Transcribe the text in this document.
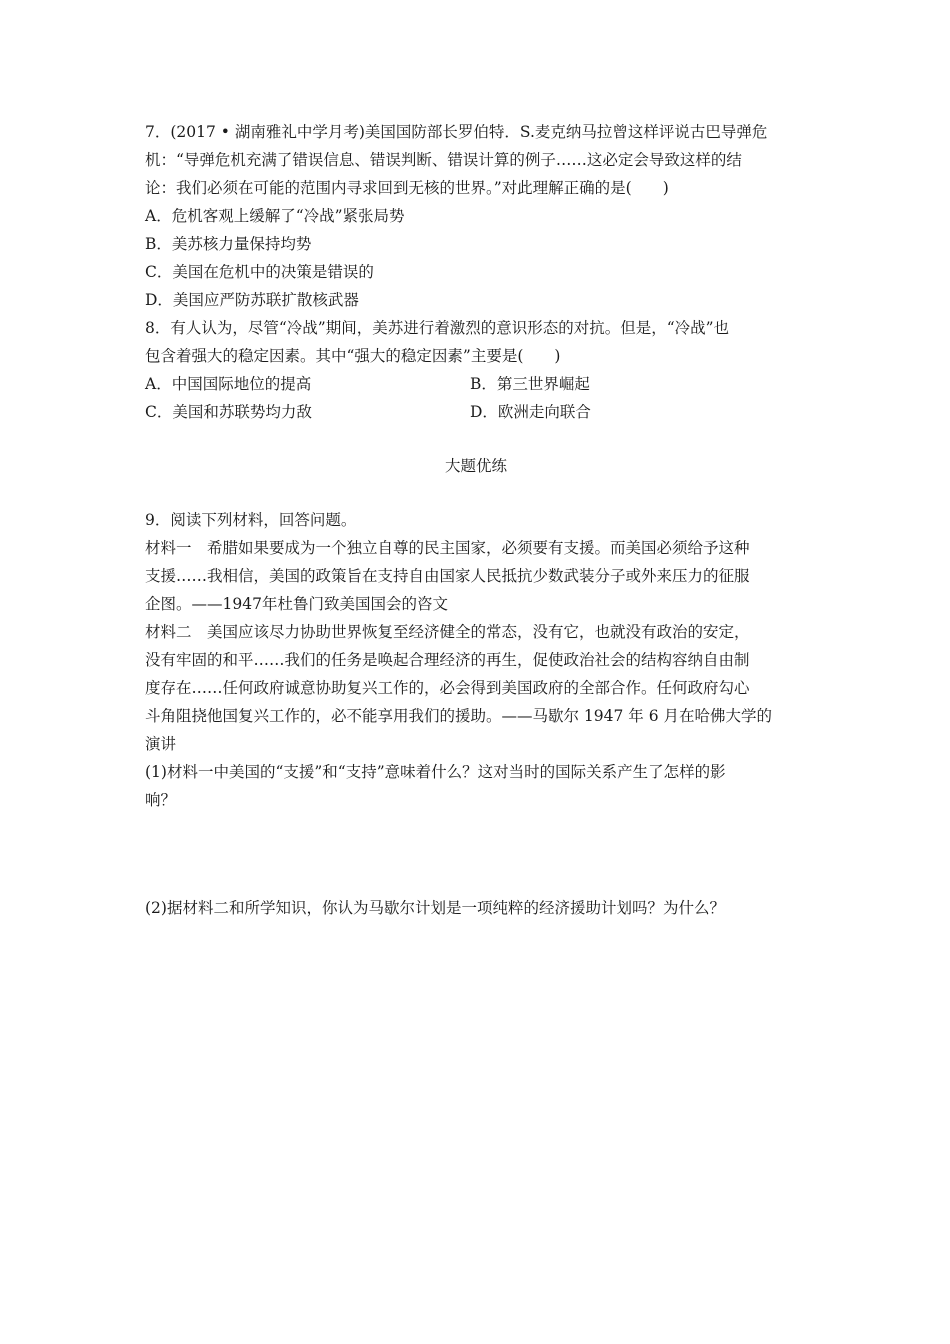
7．(2017 • 湖南雅礼中学月考)美国国防部长罗伯特．S.麦克纳马拉曾这样评说古巴导弹危
机：“导弹危机充满了错误信息、错误判断、错误计算的例子……这必定会导致这样的结
论：我们必须在可能的范围内寻求回到无核的世界。”对此理解正确的是(　　)
A．危机客观上缓解了“冷战”紧张局势
B．美苏核力量保持均势
C．美国在危机中的决策是错误的
D．美国应严防苏联扩散核武器
8．有人认为，尽管“冷战”期间，美苏进行着激烈的意识形态的对抗。但是，“冷战”也
包含着强大的稳定因素。其中“强大的稳定因素”主要是(　　)
A．中国国际地位的提高	B．第三世界崛起
C．美国和苏联势均力敌	D．欧洲走向联合
大题优练
9．阅读下列材料，回答问题。
材料一　希腊如果要成为一个独立自尊的民主国家，必须要有支援。而美国必须给予这种
支援……我相信，美国的政策旨在支持自由国家人民抵抗少数武装分子或外来压力的征服
企图。——1947年杜鲁门致美国国会的咨文
材料二　美国应该尽力协助世界恢复至经济健全的常态，没有它，也就没有政治的安定，
没有牢固的和平……我们的任务是唤起合理经济的再生，促使政治社会的结构容纳自由制
度存在……任何政府诚意协助复兴工作的，必会得到美国政府的全部合作。任何政府勾心
斗角阻挠他国复兴工作的，必不能享用我们的援助。——马歇尔 1947 年 6 月在哈佛大学的
演讲
(1)材料一中美国的“支援”和“支持”意味着什么？这对当时的国际关系产生了怎样的影
响？
(2)据材料二和所学知识，你认为马歇尔计划是一项纯粹的经济援助计划吗？为什么？
